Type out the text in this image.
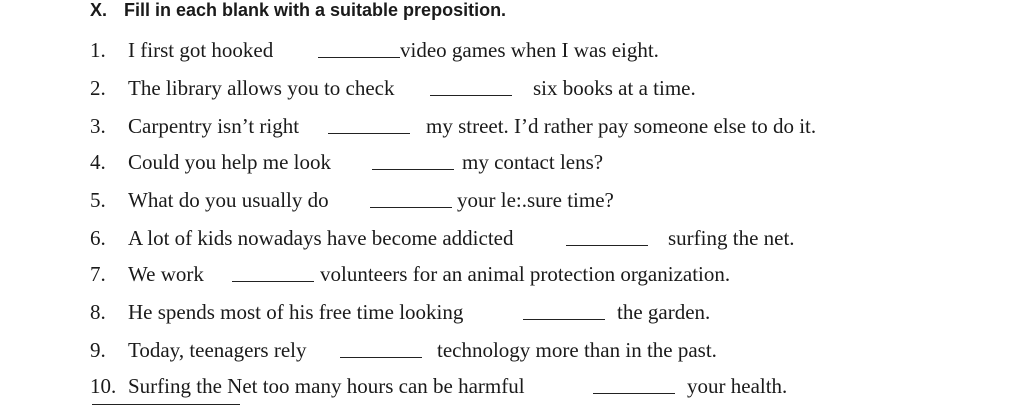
X. Fill in each blank with a suitable preposition.
1. I first got hooked	video games when I was eight.
2. The library allows you to check	six books at a time.
3. Carpentry isn’t right	my street. I’d rather pay someone else to do it.
4. Could you help me look	my contact lens?
5. What do you usually do	your le:.sure time?
6. A lot of kids nowadays have become addicted	surfing the net.
7. We work	volunteers for an animal protection organization.
8. He spends most of his free time looking	the garden.
9. Today, teenagers rely	technology more than in the past.
10. Surfing the Net too many hours can be harmful	your health.
